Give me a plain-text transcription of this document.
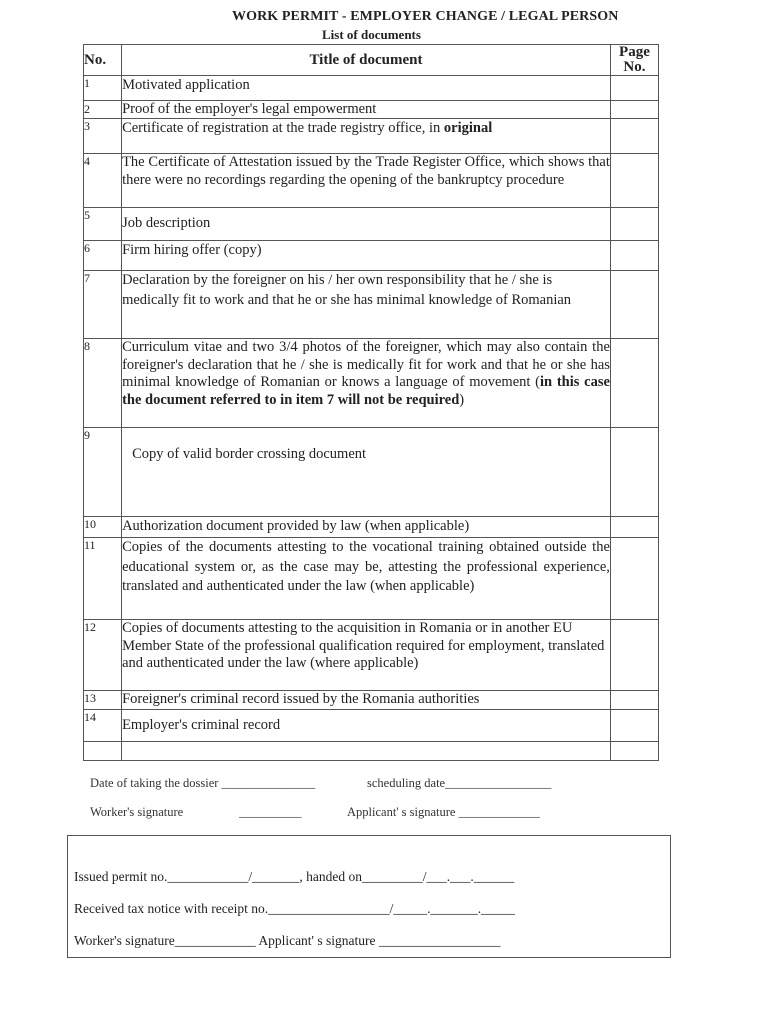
WORK PERMIT - EMPLOYER CHANGE / LEGAL PERSON
List of documents
No.	Title of document	Page
No.
1	Motivated application	
2	Proof of the employer's legal empowerment	
3	Certificate of registration at the trade registry office, in original	
4	The Certificate of Attestation issued by the Trade Register Office, which shows that there were no recordings regarding the opening of the bankruptcy procedure	
5	Job description	
6	Firm hiring offer (copy)	
7	Declaration by the foreigner on his / her own responsibility that he / she is medically fit to work and that he or she has minimal knowledge of Romanian	
8	Curriculum vitae and two 3/4 photos of the foreigner, which may also contain the foreigner's declaration that he / she is medically fit for work and that he or she has minimal knowledge of Romanian or knows a language of movement (in this case the document referred to in item 7 will not be required)	
9	Copy of valid border crossing document	
10	Authorization document provided by law (when applicable)	
11	Copies of the documents attesting to the vocational training obtained outside the educational system or, as the case may be, attesting the professional experience, translated and authenticated under the law (when applicable)	
12	Copies of documents attesting to the acquisition in Romania or in another EU Member State of the professional qualification required for employment, translated and authenticated under the law (where applicable)	
13	Foreigner's criminal record issued by the Romania authorities	
14	Employer's criminal record	

Date of taking the dossier _______________	scheduling date_________________
Worker's signature	__________	Applicant' s signature _____________
Issued permit no.____________/_______, handed on_________/___.___.______
Received tax notice with receipt no.__________________/_____._______._____
Worker's signature____________ Applicant' s signature __________________
